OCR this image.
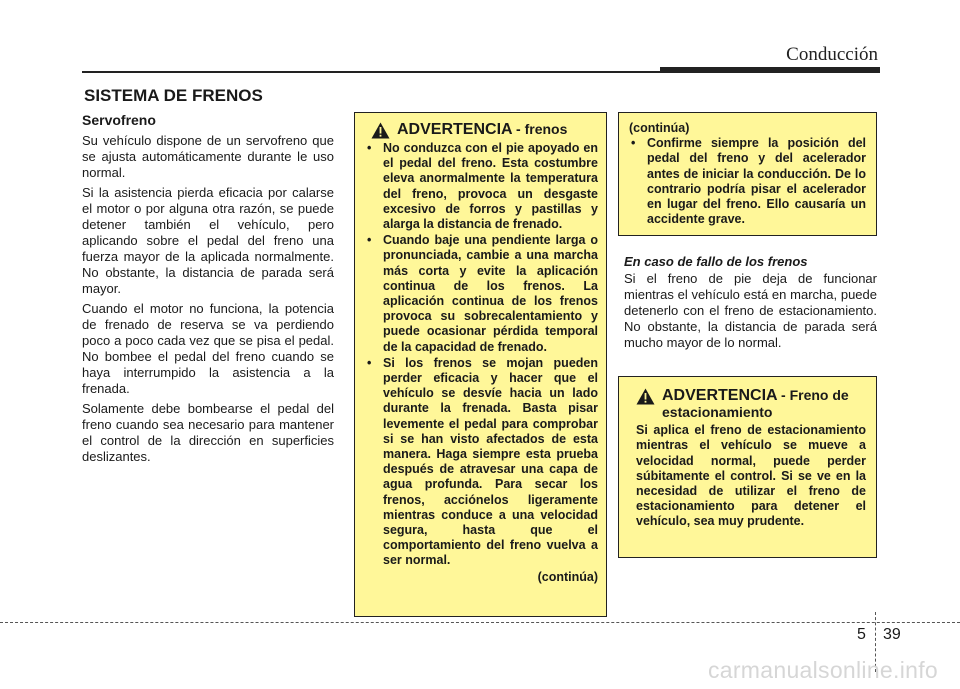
Conducción
SISTEMA DE FRENOS
Servofreno

Su vehículo dispone de un servofreno que se ajusta automáticamente durante le uso normal.

Si la asistencia pierda eficacia por calarse el motor o por alguna otra razón, se puede detener también el vehículo, pero aplicando sobre el pedal del freno una fuerza mayor de la aplicada normalmente. No obstante, la distancia de parada será mayor.

Cuando el motor no funciona, la potencia de frenado de reserva se va perdiendo poco a poco cada vez que se pisa el pedal. No bombee el pedal del freno cuando se haya interrumpido la asistencia a la frenada.

Solamente debe bombearse el pedal del freno cuando sea necesario para mantener el control de la dirección en superficies deslizantes.

ADVERTENCIA - frenos
• No conduzca con el pie apoyado en el pedal del freno. Esta costumbre eleva anormalmente la temperatura del freno, provoca un desgaste excesivo de forros y pastillas y alarga la distancia de frenado.
• Cuando baje una pendiente larga o pronunciada, cambie a una marcha más corta y evite la aplicación continua de los frenos. La aplicación continua de los frenos provoca su sobrecalentamiento y puede ocasionar pérdida temporal de la capacidad de frenado.
• Si los frenos se mojan pueden perder eficacia y hacer que el vehículo se desvíe hacia un lado durante la frenada. Basta pisar levemente el pedal para comprobar si se han visto afectados de esta manera. Haga siempre esta prueba después de atravesar una capa de agua profunda. Para secar los frenos, acciónelos ligeramente mientras conduce a una velocidad segura, hasta que el comportamiento del freno vuelva a ser normal.
(continúa)
(continúa)
• Confirme siempre la posición del pedal del freno y del acelerador antes de iniciar la conducción. De lo contrario podría pisar el acelerador en lugar del freno. Ello causaría un accidente grave.
En caso de fallo de los frenos

Si el freno de pie deja de funcionar mientras el vehículo está en marcha, puede detenerlo con el freno de estacionamiento. No obstante, la distancia de parada será mucho mayor de lo normal.

ADVERTENCIA - Freno de estacionamiento

Si aplica el freno de estacionamiento mientras el vehículo se mueve a velocidad normal, puede perder súbitamente el control. Si se ve en la necesidad de utilizar el freno de estacionamiento para detener el vehículo, sea muy prudente.

5 39
carmanualsonline.info
